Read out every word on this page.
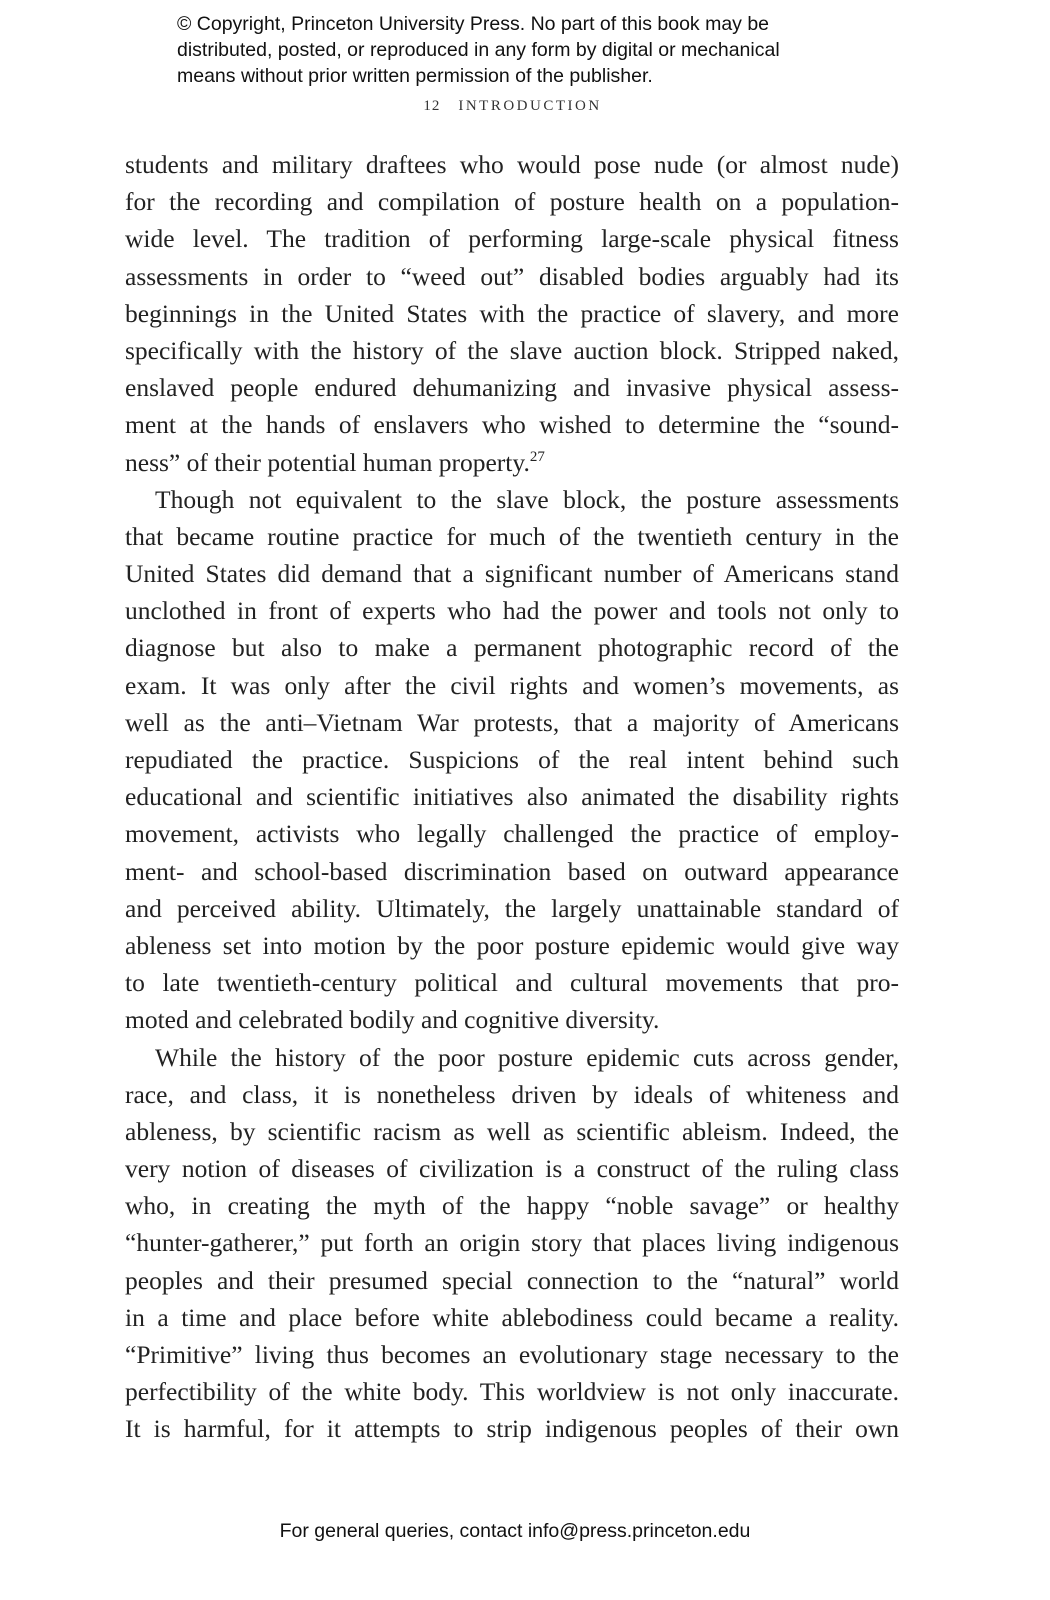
© Copyright, Princeton University Press. No part of this book may be
distributed, posted, or reproduced in any form by digital or mechanical
means without prior written permission of the publisher.
12 INTRODUCTION
students and military draftees who would pose nude (or almost nude)
for the recording and compilation of posture health on a population-
wide level. The tradition of performing large-scale physical fitness
assessments in order to “weed out” disabled bodies arguably had its
beginnings in the United States with the practice of slavery, and more
specifically with the history of the slave auction block. Stripped naked,
enslaved people endured dehumanizing and invasive physical assess-
ment at the hands of enslavers who wished to determine the “sound-
ness” of their potential human property.$^{27}$
Though not equivalent to the slave block, the posture assessments
that became routine practice for much of the twentieth century in the
United States did demand that a significant number of Americans stand
unclothed in front of experts who had the power and tools not only to
diagnose but also to make a permanent photographic record of the
exam. It was only after the civil rights and women’s movements, as
well as the anti–Vietnam War protests, that a majority of Americans
repudiated the practice. Suspicions of the real intent behind such
educational and scientific initiatives also animated the disability rights
movement, activists who legally challenged the practice of employ-
ment- and school-based discrimination based on outward appearance
and perceived ability. Ultimately, the largely unattainable standard of
ableness set into motion by the poor posture epidemic would give way
to late twentieth-century political and cultural movements that pro-
moted and celebrated bodily and cognitive diversity.
While the history of the poor posture epidemic cuts across gender,
race, and class, it is nonetheless driven by ideals of whiteness and
ableness, by scientific racism as well as scientific ableism. Indeed, the
very notion of diseases of civilization is a construct of the ruling class
who, in creating the myth of the happy “noble savage” or healthy
“hunter-gatherer,” put forth an origin story that places living indigenous
peoples and their presumed special connection to the “natural” world
in a time and place before white ablebodiness could became a reality.
“Primitive” living thus becomes an evolutionary stage necessary to the
perfectibility of the white body. This worldview is not only inaccurate.
It is harmful, for it attempts to strip indigenous peoples of their own
For general queries, contact info@press.princeton.edu
